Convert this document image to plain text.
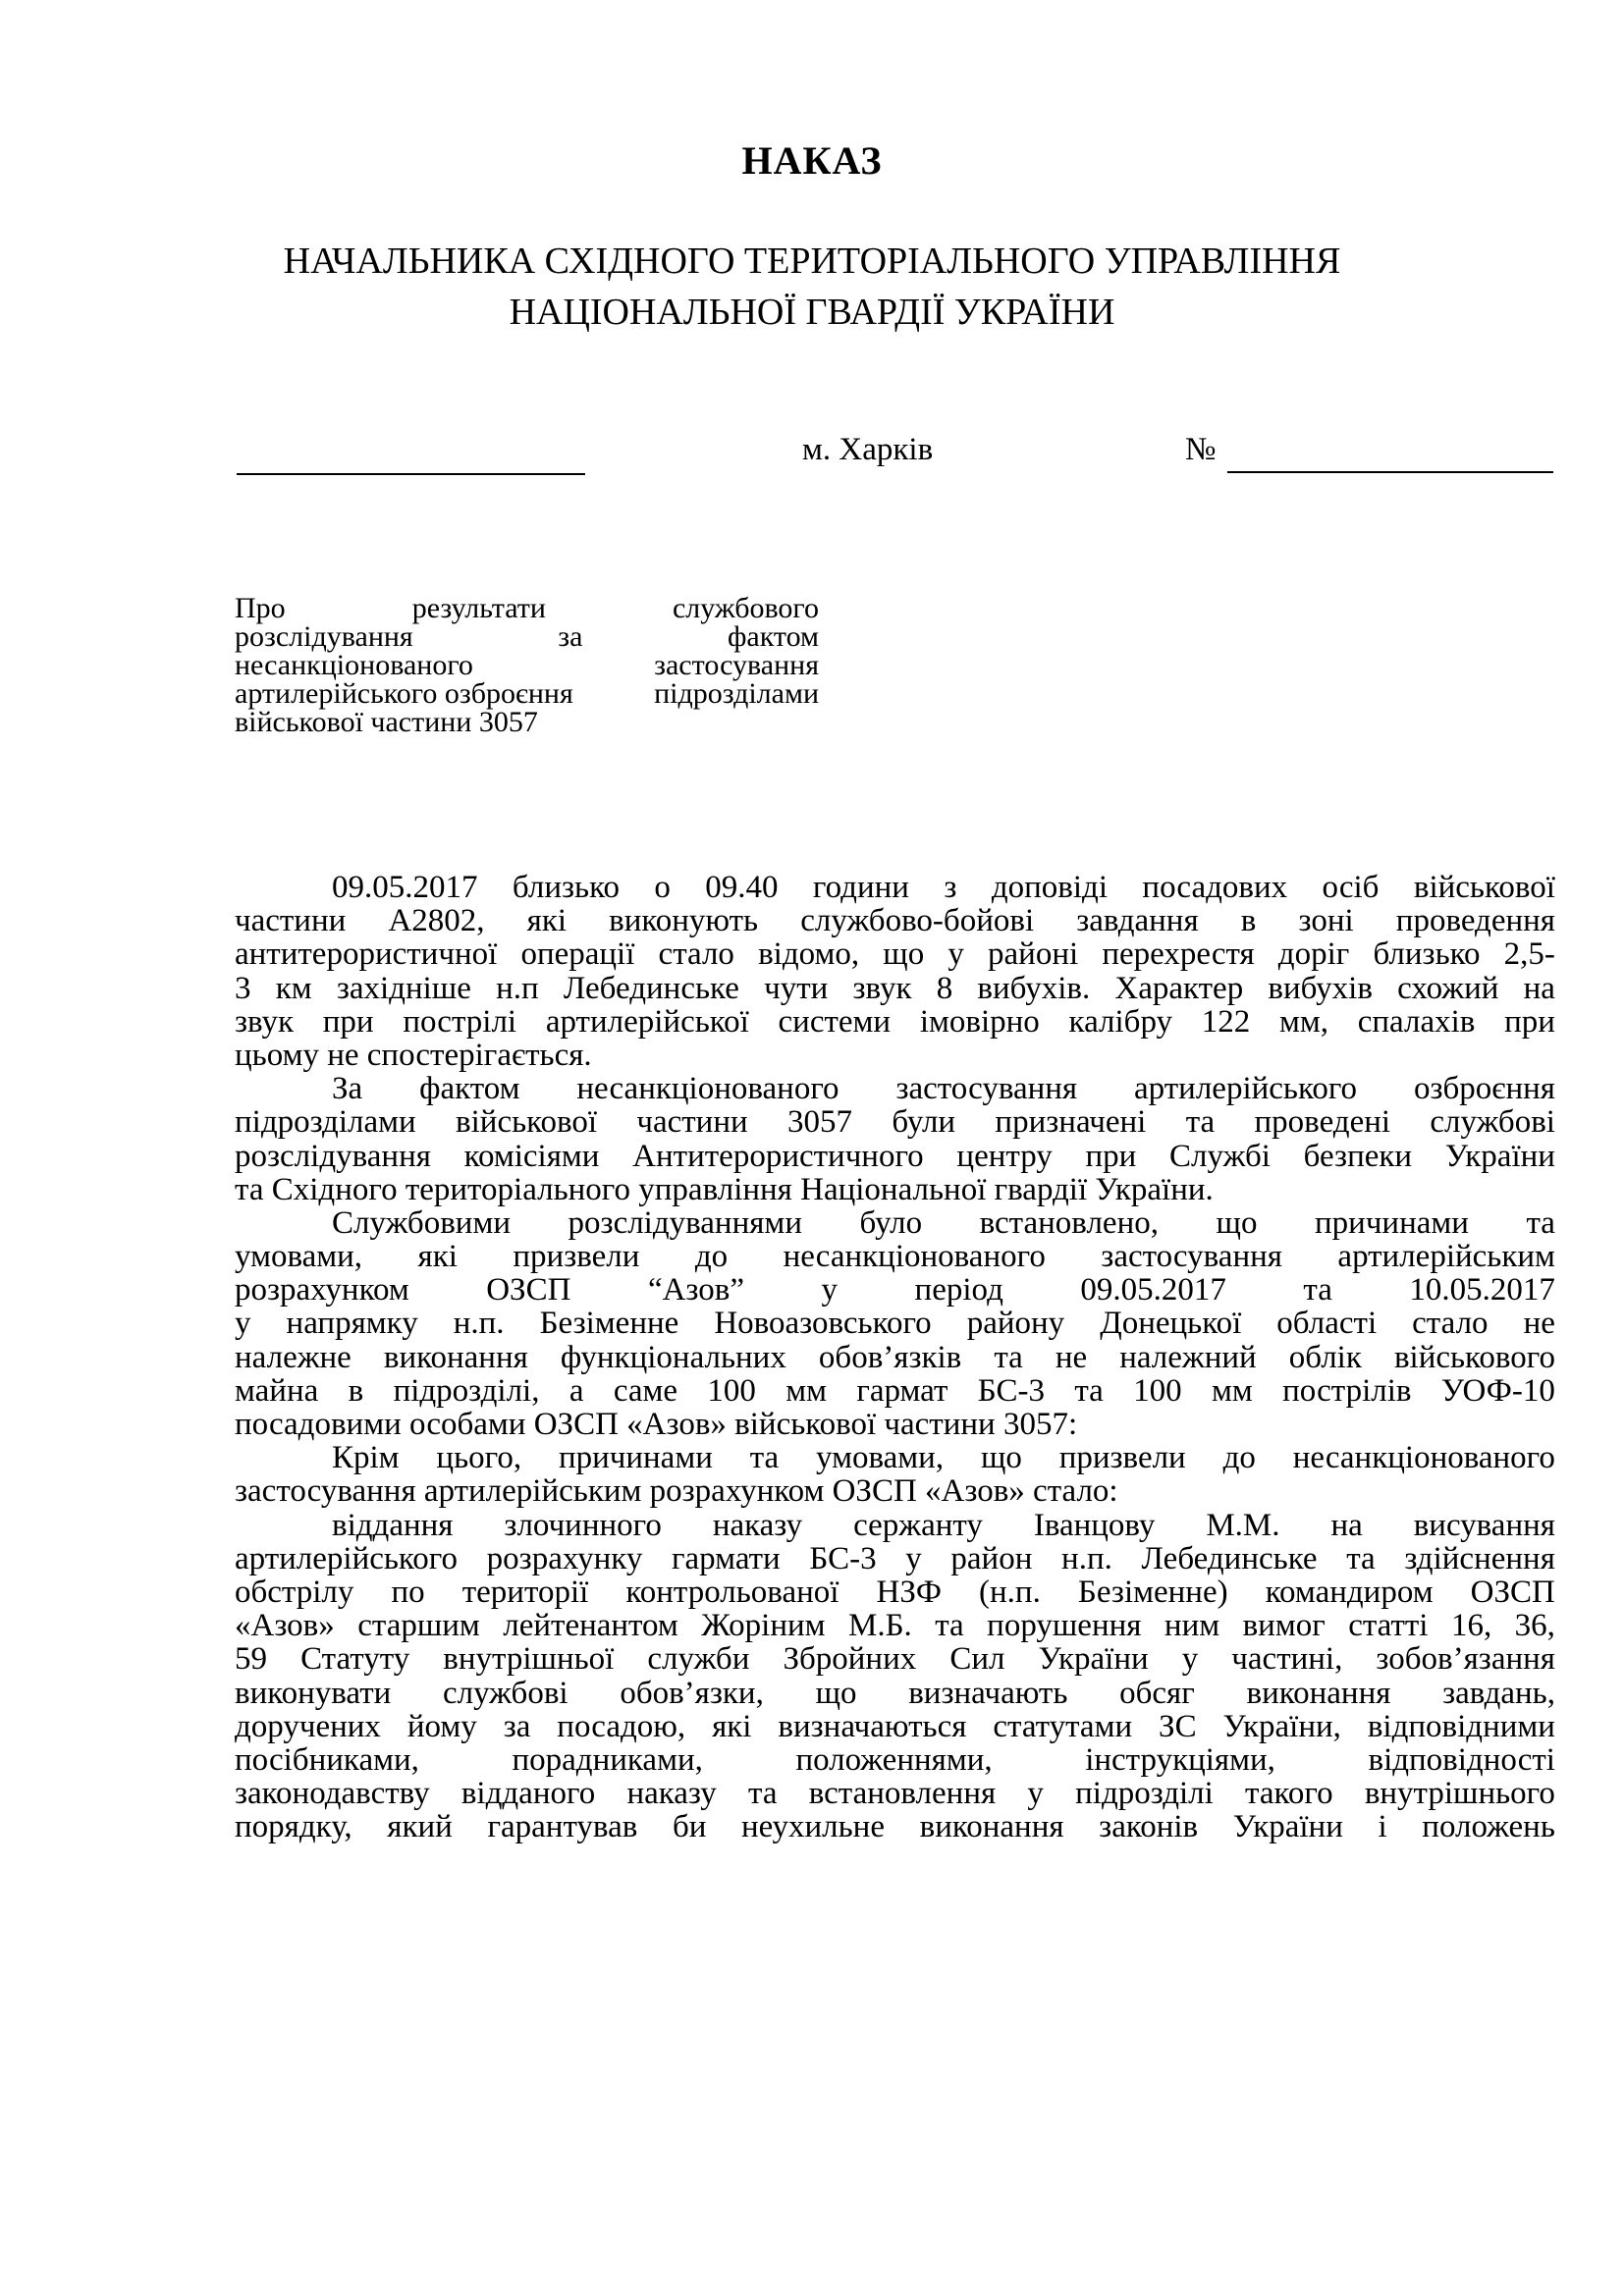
НАКАЗ
НАЧАЛЬНИКА СХІДНОГО ТЕРИТОРІАЛЬНОГО УПРАВЛІННЯ
НАЦІОНАЛЬНОЇ ГВАРДІЇ УКРАЇНИ
м. Харків	№
Про	результати	службового
розслідування	за	фактом
несанкціонованого	застосування
артилерійського озброєння	підрозділами
військової частини 3057
09.05.2017 близько о 09.40 години з доповіді посадових осіб військової
частини А2802, які виконують службово-бойові завдання в зоні проведення
антитерористичної операції стало відомо, що у районі перехрестя доріг близько 2,5-
3 км західніше н.п Лебединське чути звук 8 вибухів. Характер вибухів схожий на
звук при пострілі артилерійської системи імовірно калібру 122 мм, спалахів при
цьому не спостерігається.
За фактом несанкціонованого застосування артилерійського озброєння
підрозділами військової частини 3057 були призначені та проведені службові
розслідування комісіями Антитерористичного центру при Службі безпеки України
та Східного територіального управління Національної гвардії України.
Службовими розслідуваннями було встановлено, що причинами та
умовами, які призвели до несанкціонованого застосування артилерійським
розрахунком ОЗСП “Азов” у період 09.05.2017 та 10.05.2017
у напрямку н.п. Безіменне Новоазовського району Донецької області стало не
належне виконання функціональних обов’язків та не належний облік військового
майна в підрозділі, а саме 100 мм гармат БС-3 та 100 мм пострілів УОФ-10
посадовими особами ОЗСП «Азов» військової частини 3057:
Крім цього, причинами та умовами, що призвели до несанкціонованого
застосування артилерійським розрахунком ОЗСП «Азов» стало:
віддання злочинного наказу сержанту Іванцову М.М. на висування
артилерійського розрахунку гармати БС-3 у район н.п. Лебединське та здійснення
обстрілу по території контрольованої НЗФ (н.п. Безіменне) командиром ОЗСП
«Азов» старшим лейтенантом Жоріним М.Б. та порушення ним вимог статті 16, 36,
59 Статуту внутрішньої служби Збройних Сил України у частині, зобов’язання
виконувати службові обов’язки, що визначають обсяг виконання завдань,
доручених йому за посадою, які визначаються статутами ЗС України, відповідними
посібниками,	порадниками,	положеннями,	інструкціями,	відповідності
законодавству відданого наказу та встановлення у підрозділі такого внутрішнього
порядку, який гарантував би неухильне виконання законів України і положень
